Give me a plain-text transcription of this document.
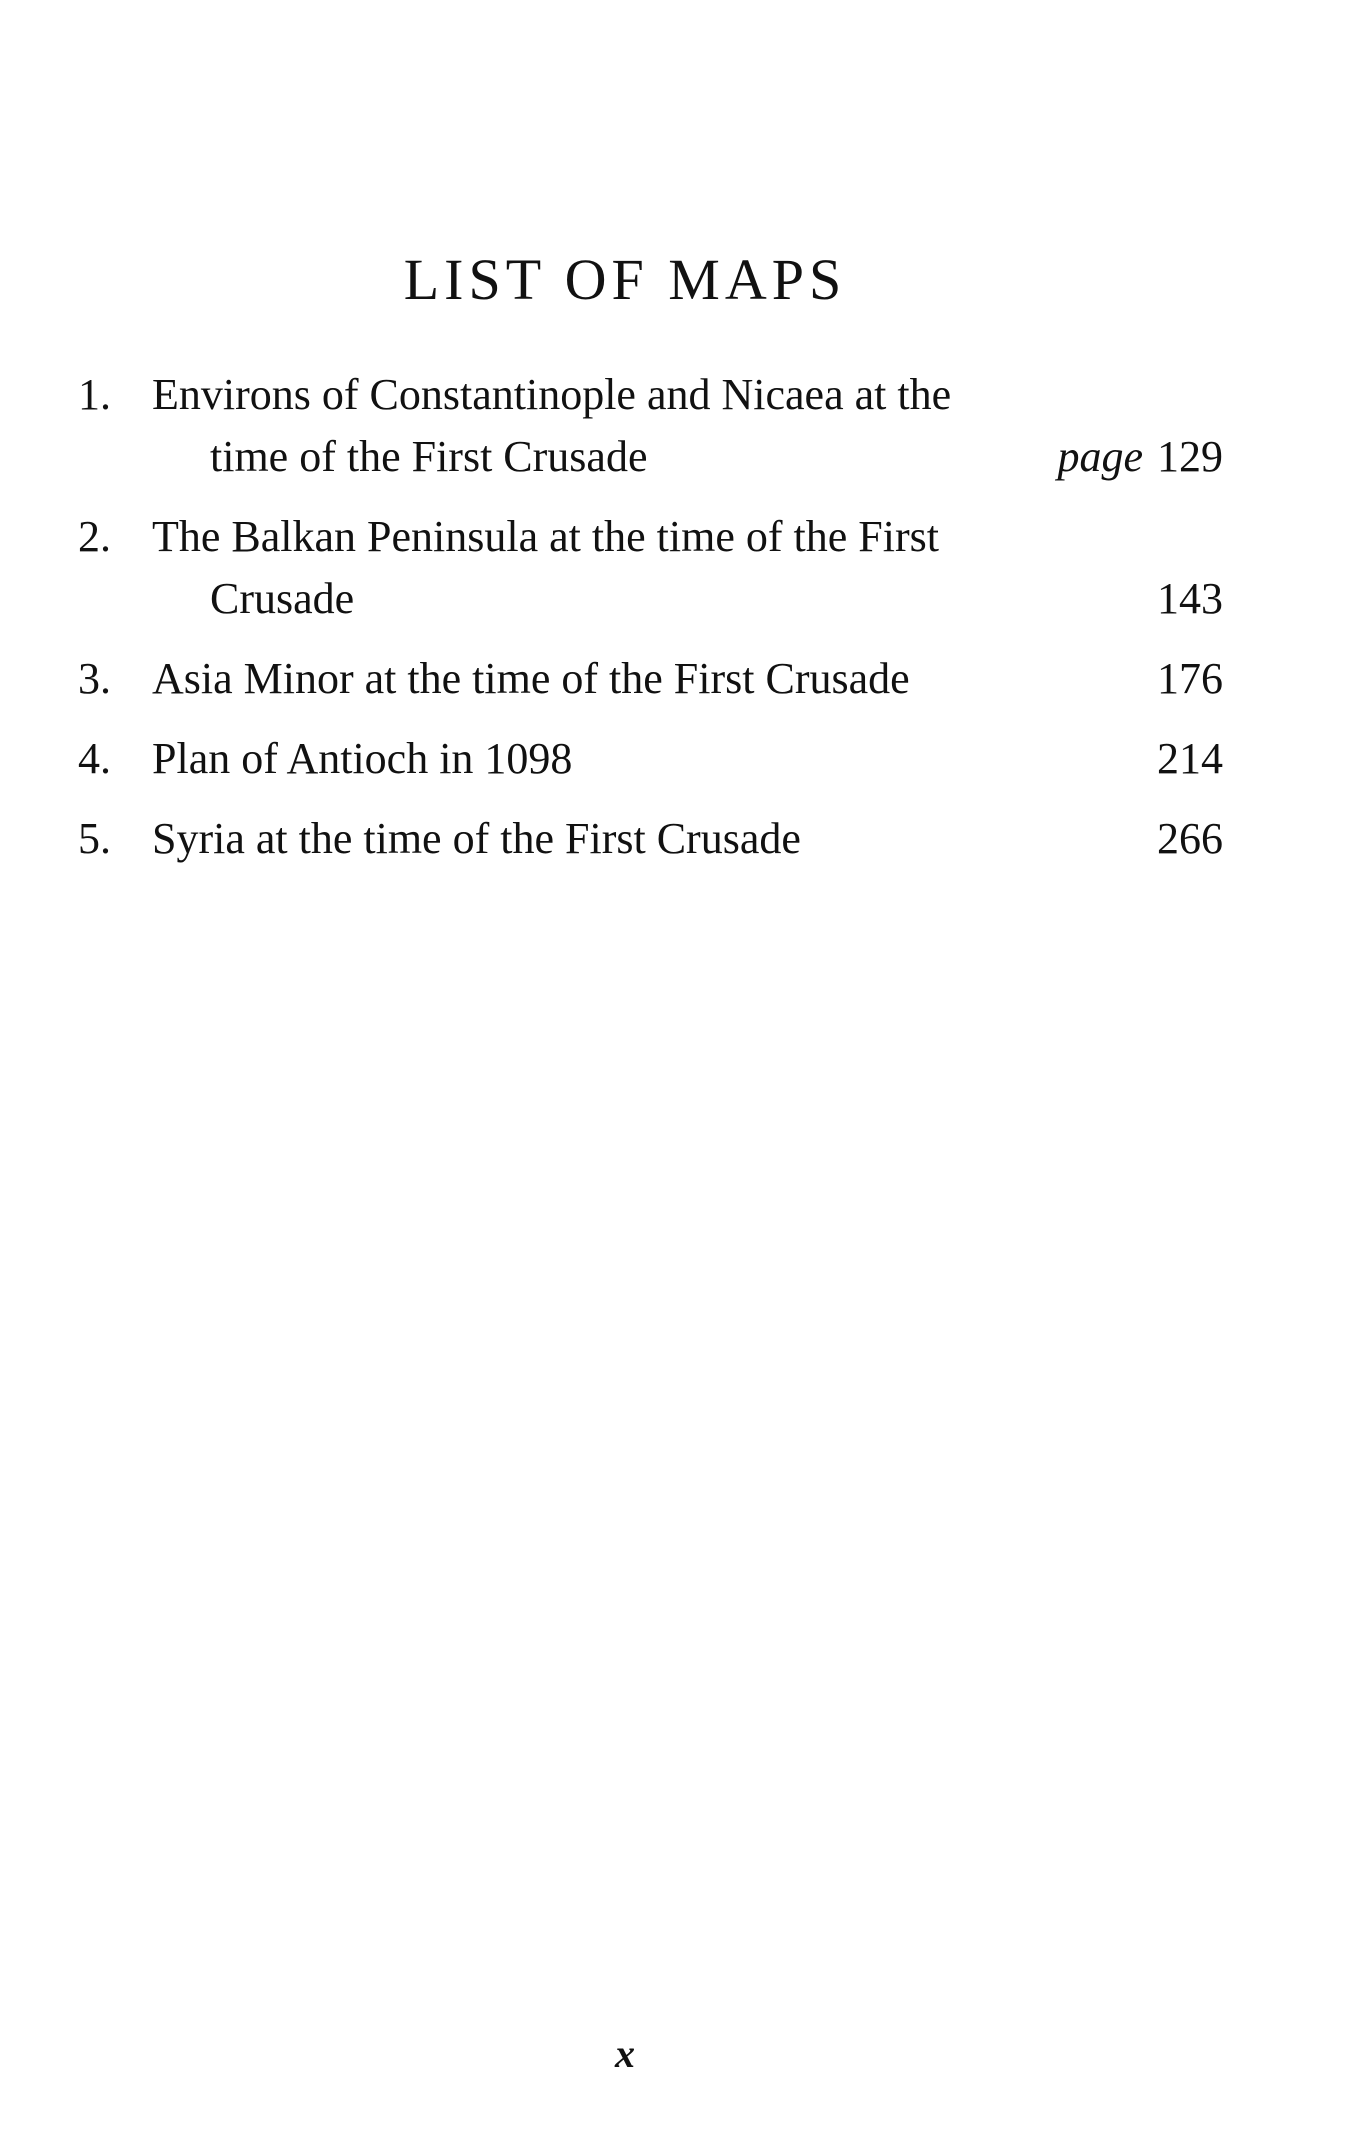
LIST OF MAPS
1. Environs of Constantinople and Nicaea at the
time of the First Crusade	page 129
2. The Balkan Peninsula at the time of the First
Crusade	143
3. Asia Minor at the time of the First Crusade	176
4. Plan of Antioch in 1098	214
5. Syria at the time of the First Crusade	266
x
